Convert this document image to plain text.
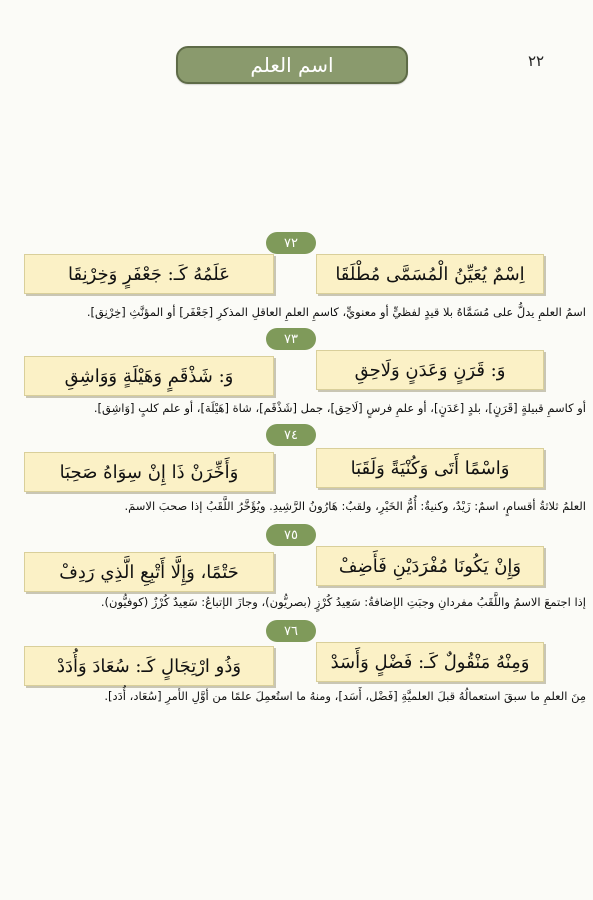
٢٢
اسم العلم
٧٢
اِسْمٌ يُعَيِّنُ الْمُسَمَّى مُطْلَقَا
عَلَمُهُ كَـ: جَعْفَرٍ وَخِرْنِقَا
اسمُ العلمِ يدلُّ على مُسَمَّاهُ بلا قيدٍ لفظيٍّ أو معنويٍّ، كاسمِ العلمِ العاقلِ المذكرِ [جَعْفَر] أو المؤنَّثِ [خِرْنِق].
٧٣
وَ: قَرَنٍ وَعَدَنٍ وَلَاحِقِ
وَ: شَذْقَمٍ وَهَيْلَةٍ وَوَاشِقِ
أو كاسمِ قبيلةٍ [قَرَنٍ]، بلدٍ [عَدَنٍ]، أو علمِ فرسٍ [لَاحِق]، جمل [شَذْقَم]، شاة [هَيْلَة]، أو علم كلبٍ [وَاشِق].
٧٤
وَاسْمًا أَتَى وَكُنْيَةً وَلَقَبَا
وَأَخِّرَنْ ذَا إِنْ سِوَاهُ صَحِبَا
العلمُ ثلاثةُ أقسامٍ، اسمٌ: زَيْدٌ، وكنيةٌ: أُمُّ الخَيْرِ، ولقبٌ: هَارُونُ الرَّشِيدِ. ويُؤَخَّرُ اللَّقَبُ إذا صحبَ الاسمَ.
٧٥
وَإِنْ يَكُونَا مُفْرَدَيْنِ فَأَضِفْ
حَتْمًا، وَإِلَّا أَتْبِعِ الَّذِي رَدِفْ
إذا اجتمعَ الاسمُ واللَّقَبُ مفردانِ وجبَتِ الإضافةُ: سَعِيدُ كُرْزٍ (بصريُّون)، وجازَ الإتباعُ: سَعِيدٌ كُرْزٌ (كوفيُّون).
٧٦
وَمِنْهُ مَنْقُولٌ كَـ: فَضْلٍ وَأَسَدْ
وَذُو ارْتِجَالٍ كَـ: سُعَادَ وَأُدَدْ
مِنَ العلمِ ما سبقَ استعمالُهُ قبلَ العلميَّةِ [فَضْل، أَسَد]، ومنهُ ما استُعمِلَ علمًا من أوَّلِ الأمرِ [سُعَاد، أُدَد].
